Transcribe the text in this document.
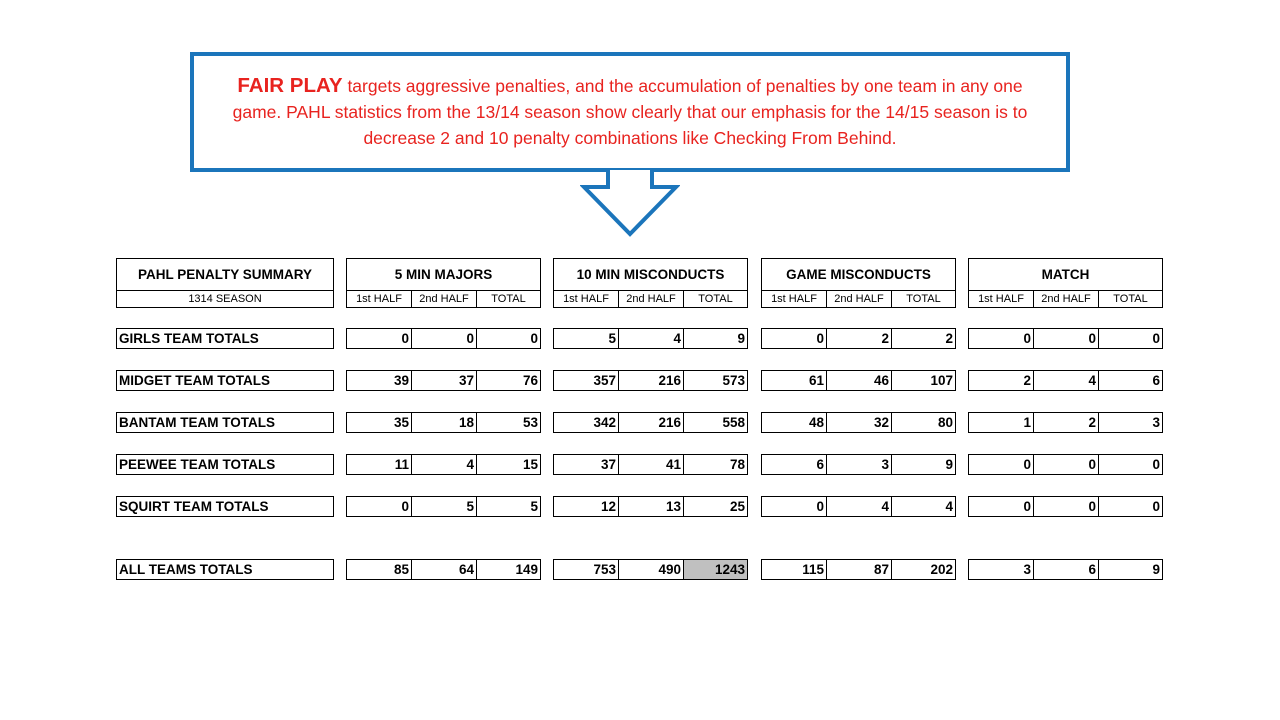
FAIR PLAY targets aggressive penalties, and the accumulation of penalties by one team in any one game. PAHL statistics from the 13/14 season show clearly that our emphasis for the 14/15 season is to decrease 2 and 10 penalty combinations like Checking From Behind.
PAHL PENALTY SUMMARY
1314 SEASON
5 MIN MAJORS
1st HALF	2nd HALF	TOTAL
10 MIN MISCONDUCTS
1st HALF	2nd HALF	TOTAL
GAME MISCONDUCTS
1st HALF	2nd HALF	TOTAL
MATCH
1st HALF	2nd HALF	TOTAL
GIRLS TEAM TOTALS	0	0	0	5	4	9	0	2	2	0	0	0
MIDGET TEAM TOTALS	39	37	76	357	216	573	61	46	107	2	4	6
BANTAM TEAM TOTALS	35	18	53	342	216	558	48	32	80	1	2	3
PEEWEE TEAM TOTALS	11	4	15	37	41	78	6	3	9	0	0	0
SQUIRT TEAM TOTALS	0	5	5	12	13	25	0	4	4	0	0	0
ALL TEAMS TOTALS	85	64	149	753	490	1243	115	87	202	3	6	9
